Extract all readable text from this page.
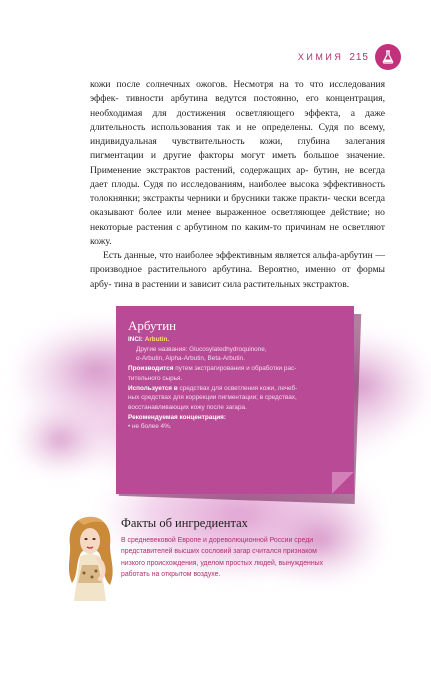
ХИМИЯ 215

кожи после солнечных ожогов. Несмотря на то что исследования эффек- тивности арбутина ведутся постоянно, его концентрация, необходимая для достижения осветляющего эффекта, а даже длительность использования так и не определены. Судя по всему, индивидуальная чувствительность кожи, глубина залегания пигментации и другие факторы могут иметь большое значение. Применение экстрактов растений, содержащих ар- бутин, не всегда дает плоды. Судя по исследованиям, наиболее высока эффективность толокнянки; экстракты черники и брусники также практи- чески всегда оказывают более или менее выраженное осветляющее действие; но некоторые растения с арбутином по каким-то причинам не осветляют кожу.

Есть данные, что наиболее эффективным является альфа-арбутин — производное растительного арбутина. Вероятно, именно от формы арбу- тина в растении и зависит сила растительных экстрактов.

Арбутин
INCI: Arbutin.
Другие названия: Glucosylatedhydroquinone,
α-Arbutin, Alpha-Arbutin, Beta-Arbutin.
Производится путем экстрагирования и обработки рас-
тительного сырья.
Используется в средствах для осветления кожи, лечеб-
ных средствах для коррекции пигментации; в средствах,
восстанавливающих кожу после загара.
Рекомендуемая концентрация:
• не более 4%.
Факты об ингредиентах
В средневековой Европе и дореволюционной России среди
представителей высших сословий загар считался признаком
низкого происхождения, уделом простых людей, вынужденных
работать на открытом воздухе.
